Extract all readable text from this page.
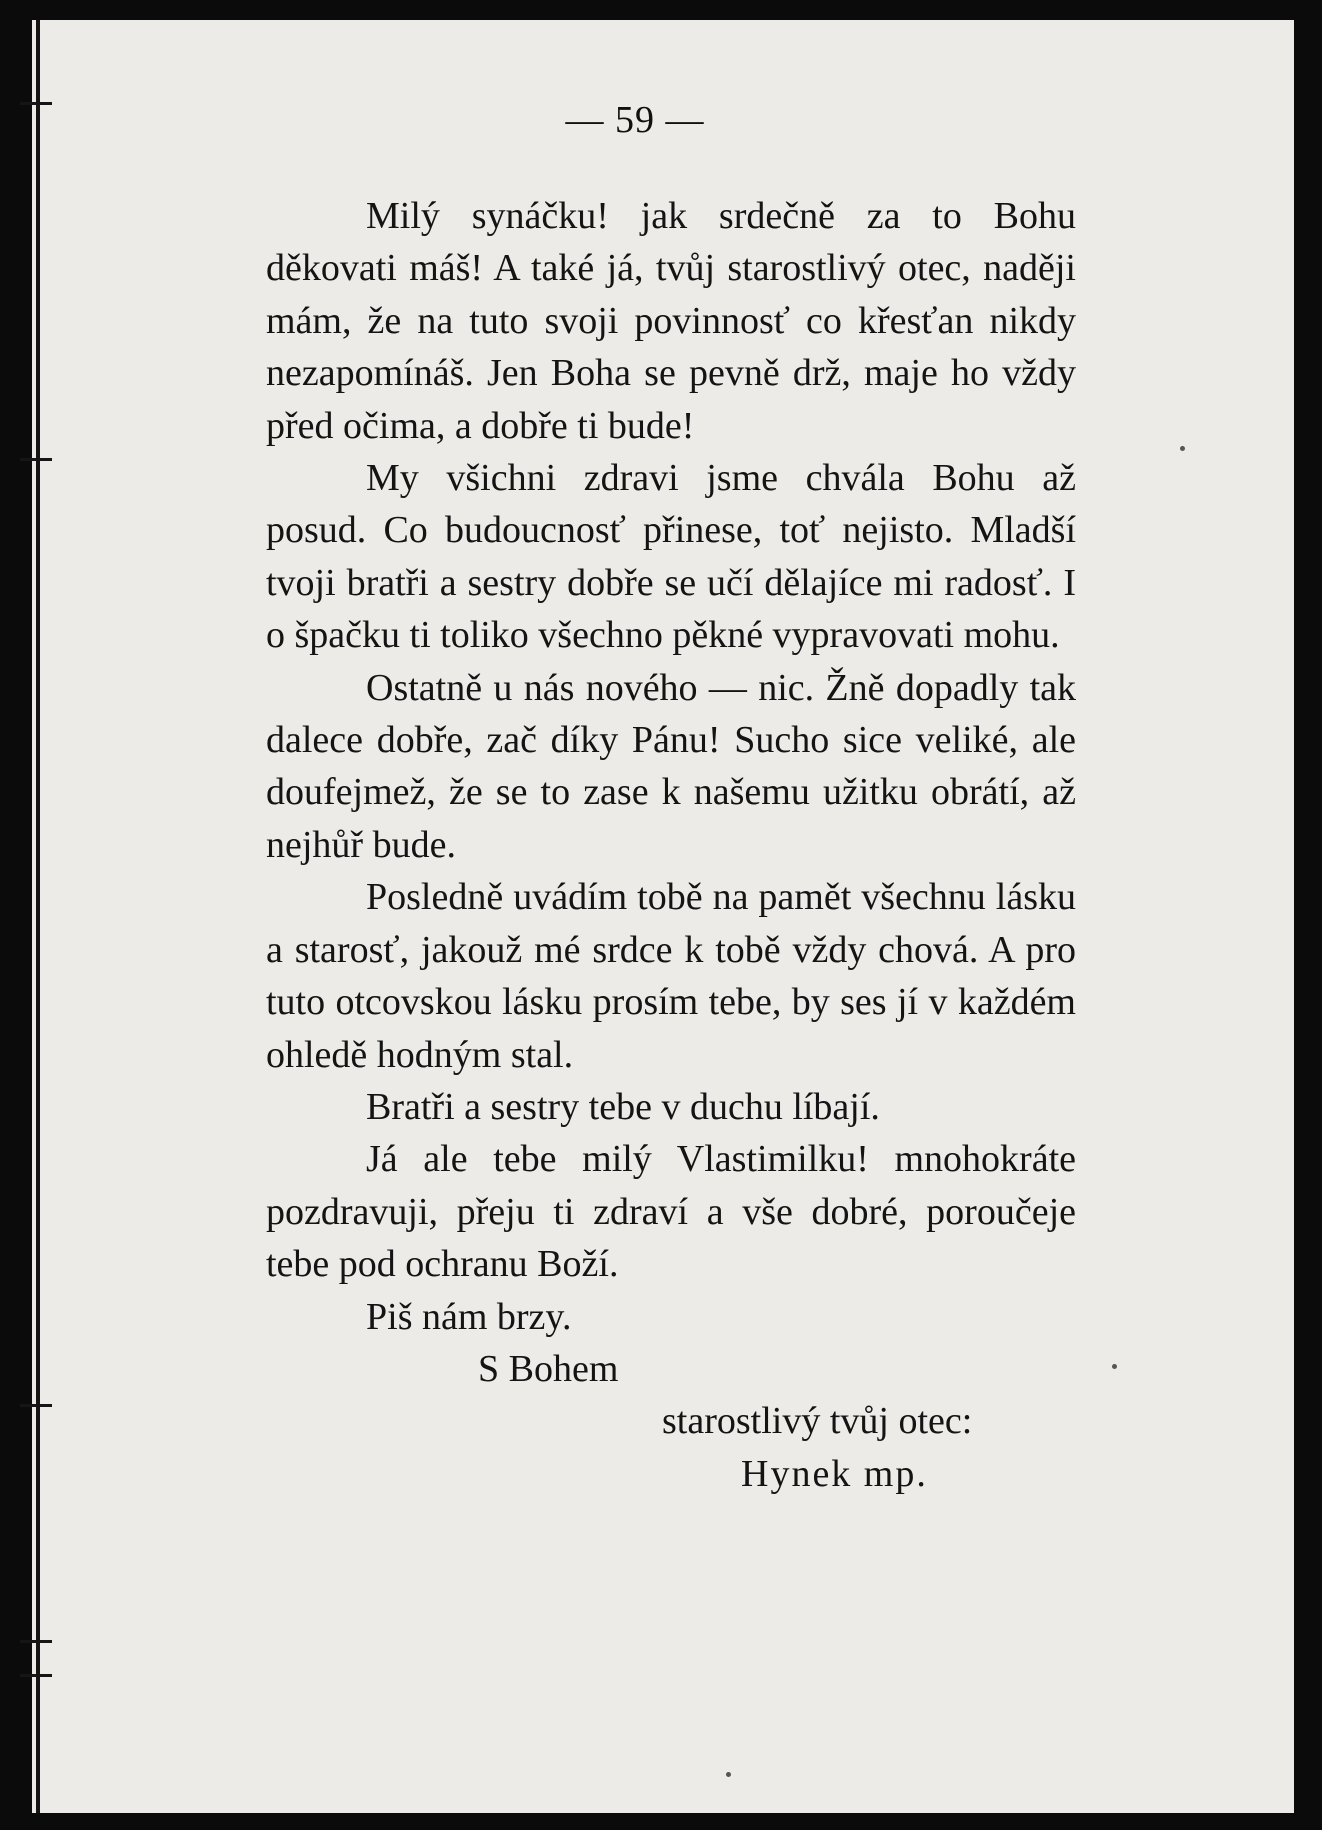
— 59 —

Milý synáčku! jak srdečně za to Bohu děkovati máš! A také já, tvůj starostlivý otec, naději mám, že na tuto svoji povinnosť co křesťan nikdy nezapomínáš. Jen Boha se pevně drž, maje ho vždy před očima, a dobře ti bude!

My všichni zdravi jsme chvála Bohu až posud. Co budoucnosť přinese, toť nejisto. Mladší tvoji bratři a sestry dobře se učí dělajíce mi radosť. I o špačku ti toliko všechno pěkné vypravovati mohu.

Ostatně u nás nového — nic. Žně dopadly tak dalece dobře, zač díky Pánu! Sucho sice veliké, ale doufejmež, že se to zase k našemu užitku obrátí, až nejhůř bude.

Posledně uvádím tobě na pamět všechnu lásku a starosť, jakouž mé srdce k tobě vždy chová. A pro tuto otcovskou lásku prosím tebe, by ses jí v každém ohledě hodným stal.

Bratři a sestry tebe v duchu líbají.

Já ale tebe milý Vlastimilku! mnohokráte pozdravuji, přeju ti zdraví a vše dobré, poroučeje tebe pod ochranu Boží.

Piš nám brzy.

S Bohem

starostlivý tvůj otec:

Hynek mp.
